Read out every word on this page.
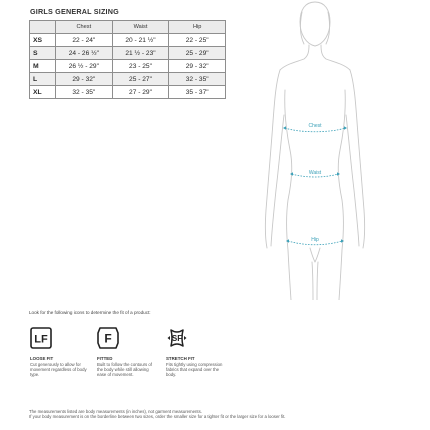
GIRLS GENERAL SIZING
	Chest	Waist	Hip
XS	22 - 24"	20 - 21 ½"	22 - 25"
S	24 - 26 ½"	21 ½ - 23"	25 - 29"
M	26 ½ - 29"	23 - 25"	29 - 32"
L	29 - 32"	25 - 27"	32 - 35"
XL	32 - 35"	27 - 29"	35 - 37"
Chest
Waist
Hip
Look for the following icons to determine the fit of a product:
LF
LOOSE FIT
Cut generously to allow for movement regardless of body type.
F
FITTED
Built to follow the contours of the body while still allowing ease of movement.
SF
STRETCH FIT
Fits tightly using compression fabrics that expand over the body.
The measurements listed are body measurements (in inches), not garment measurements.
If your body measurement is on the borderline between two sizes, order the smaller size for a tighter fit or the larger size for a looser fit.
